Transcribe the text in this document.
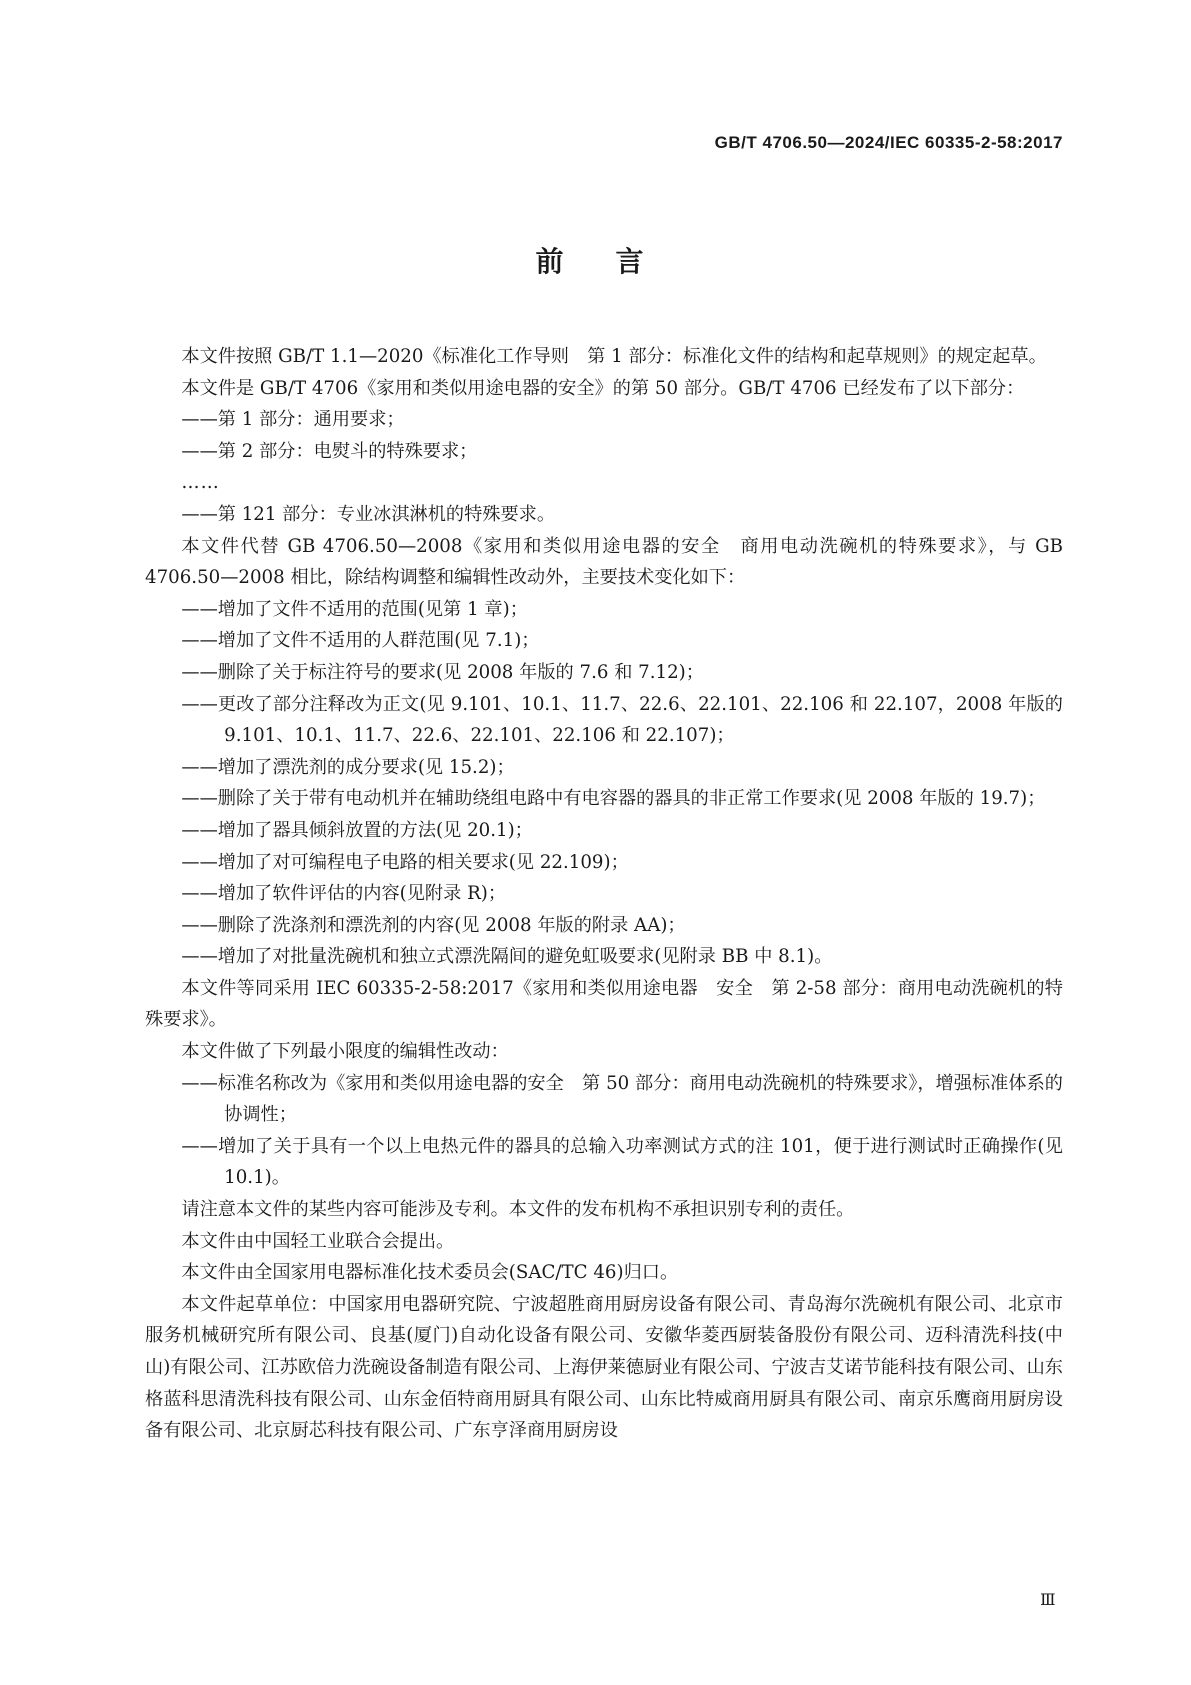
GB/T 4706.50—2024/IEC 60335-2-58:2017
前言

本文件按照 GB/T 1.1—2020《标准化工作导则　第 1 部分：标准化文件的结构和起草规则》的规定起草。

本文件是 GB/T 4706《家用和类似用途电器的安全》的第 50 部分。GB/T 4706 已经发布了以下部分：

——第 1 部分：通用要求；

——第 2 部分：电熨斗的特殊要求；

……

——第 121 部分：专业冰淇淋机的特殊要求。

本文件代替 GB 4706.50—2008《家用和类似用途电器的安全　商用电动洗碗机的特殊要求》，与 GB 4706.50—2008 相比，除结构调整和编辑性改动外，主要技术变化如下：

——增加了文件不适用的范围(见第 1 章)；

——增加了文件不适用的人群范围(见 7.1)；

——删除了关于标注符号的要求(见 2008 年版的 7.6 和 7.12)；

——更改了部分注释改为正文(见 9.101、10.1、11.7、22.6、22.101、22.106 和 22.107，2008 年版的 9.101、10.1、11.7、22.6、22.101、22.106 和 22.107)；

——增加了漂洗剂的成分要求(见 15.2)；

——删除了关于带有电动机并在辅助绕组电路中有电容器的器具的非正常工作要求(见 2008 年版的 19.7)；

——增加了器具倾斜放置的方法(见 20.1)；

——增加了对可编程电子电路的相关要求(见 22.109)；

——增加了软件评估的内容(见附录 R)；

——删除了洗涤剂和漂洗剂的内容(见 2008 年版的附录 AA)；

——增加了对批量洗碗机和独立式漂洗隔间的避免虹吸要求(见附录 BB 中 8.1)。

本文件等同采用 IEC 60335-2-58:2017《家用和类似用途电器　安全　第 2-58 部分：商用电动洗碗机的特殊要求》。

本文件做了下列最小限度的编辑性改动：

——标准名称改为《家用和类似用途电器的安全　第 50 部分：商用电动洗碗机的特殊要求》，增强标准体系的协调性；

——增加了关于具有一个以上电热元件的器具的总输入功率测试方式的注 101，便于进行测试时正确操作(见 10.1)。

请注意本文件的某些内容可能涉及专利。本文件的发布机构不承担识别专利的责任。

本文件由中国轻工业联合会提出。

本文件由全国家用电器标准化技术委员会(SAC/TC 46)归口。

本文件起草单位：中国家用电器研究院、宁波超胜商用厨房设备有限公司、青岛海尔洗碗机有限公司、北京市服务机械研究所有限公司、良基(厦门)自动化设备有限公司、安徽华菱西厨装备股份有限公司、迈科清洗科技(中山)有限公司、江苏欧倍力洗碗设备制造有限公司、上海伊莱德厨业有限公司、宁波吉艾诺节能科技有限公司、山东格蓝科思清洗科技有限公司、山东金佰特商用厨具有限公司、山东比特威商用厨具有限公司、南京乐鹰商用厨房设备有限公司、北京厨芯科技有限公司、广东亨泽商用厨房设

Ⅲ
